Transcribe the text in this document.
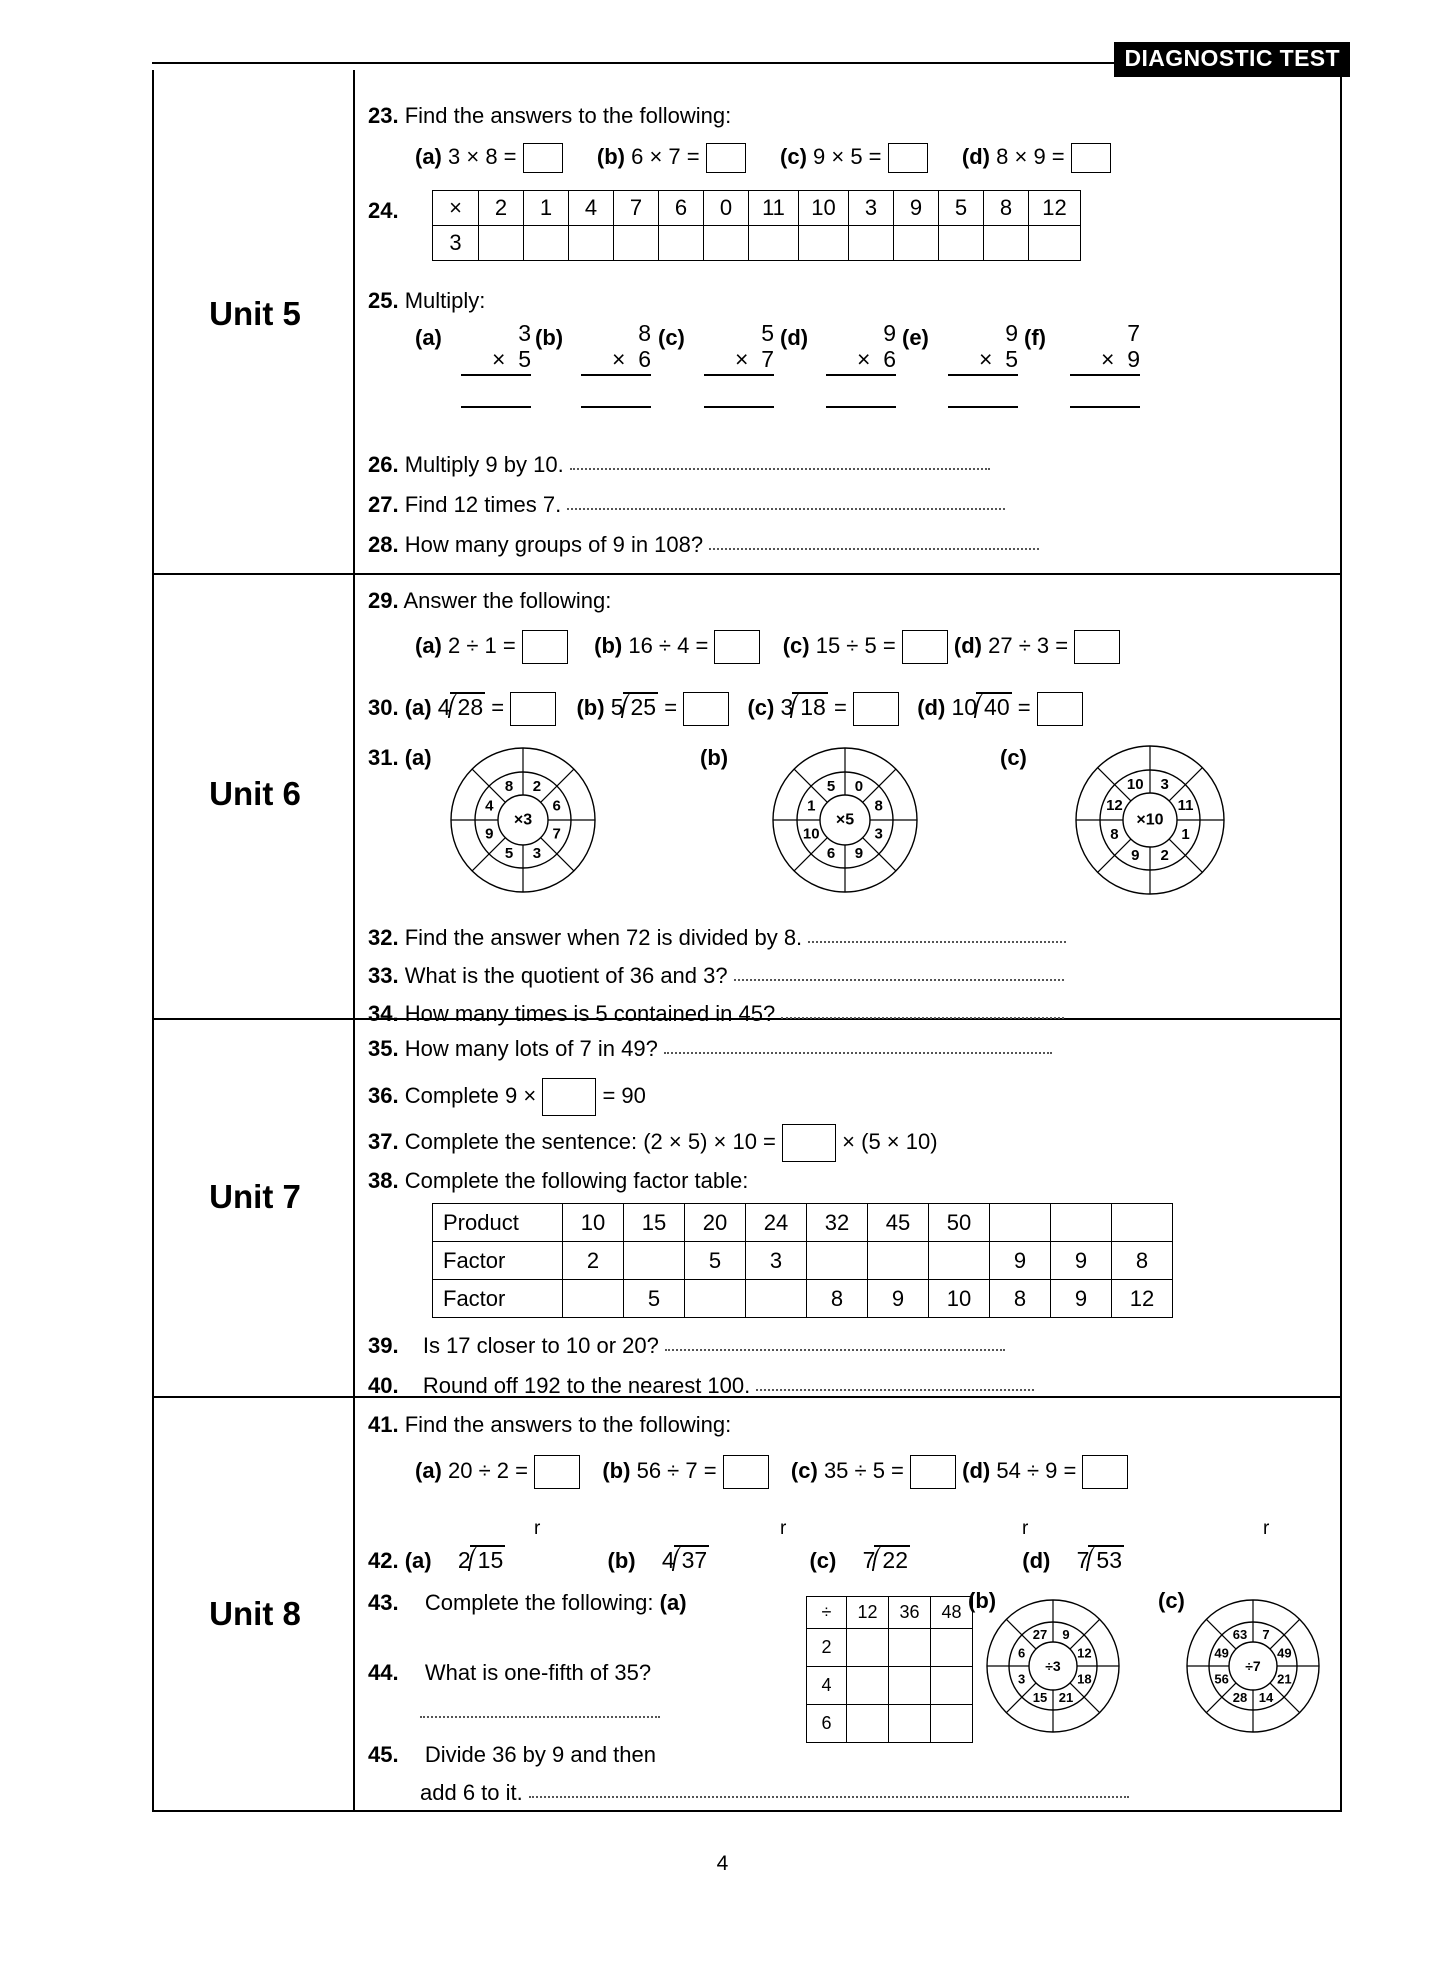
DIAGNOSTIC TEST
Unit 5
Unit 6
Unit 7
Unit 8
23. Find the answers to the following:
(a) 3 × 8 =	(b) 6 × 7 =	(c) 9 × 5 =	(d) 8 × 9 =
24. ×	2	1	4	7	6	0	11	10	3	9	5	8	12
3													
25. Multiply:
(a)	3
×  5
(b)	8
×  6
(c)	5
×  7
(d)	9
×  6
(e)	9
×  5
(f)	7
×  9
26. Multiply 9 by 10.
27. Find 12 times 7.
28. How many groups of 9 in 108?
29. Answer the following:
(a) 2 ÷ 1 =	(b) 16 ÷ 4 =	(c) 15 ÷ 5 =	(d) 27 ÷ 3 =
30. (a) 4 28 =	(b) 5 25 =	(c) 3 18 =	(d) 10 40 =
31. (a)	(b)	(c)
×3
2
6
7
3
5
9
4
8
×5
0
8
3
9
6
10
1
5
×10
3
11
1
2
9
8
12
10
32. Find the answer when 72 is divided by 8.
33. What is the quotient of 36 and 3?
34. How many times is 5 contained in 45?
35. How many lots of 7 in 49?
36. Complete 9 ×	= 90
37. Complete the sentence: (2 × 5) × 10 =	× (5 × 10)
38. Complete the following factor table:
Product	10	15	20	24	32	45	50			
Factor	2		5	3				9	9	8
Factor		5			8	9	10	8	9	12
39. Is 17 closer to 10 or 20?
40. Round off 192 to the nearest 100.
41. Find the answers to the following:
(a) 20 ÷ 2 =	(b) 56 ÷ 7 =	(c) 35 ÷ 5 =	(d) 54 ÷ 9 =
42. (a) 2 15	(b) 4 37	(c) 7 22	(d) 7 53
r	r	r	r
43. Complete the following: (a)	÷	12	36	48
2			
4			
6			
(b)	(c)
÷3
9
12
18
21
15
3
6
27
÷7
7
49
21
14
28
56
49
63
44. What is one-fifth of 35?
45. Divide 36 by 9 and then
add 6 to it.
4
